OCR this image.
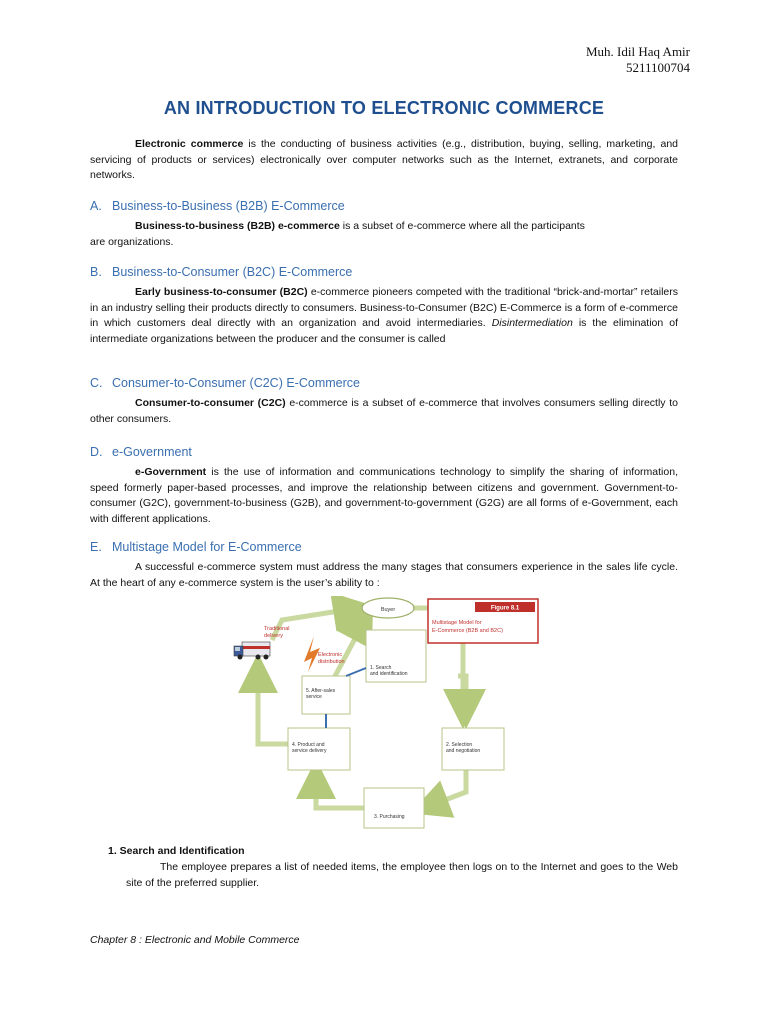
Muh. Idil Haq Amir
5211100704
AN INTRODUCTION TO ELECTRONIC COMMERCE
Electronic commerce is the conducting of business activities (e.g., distribution, buying, selling, marketing, and servicing of products or services) electronically over computer networks such as the Internet, extranets, and corporate networks.
A. Business-to-Business (B2B) E-Commerce
Business-to-business (B2B) e-commerce is a subset of e-commerce where all the participants
are organizations.
B. Business-to-Consumer (B2C) E-Commerce
Early business-to-consumer (B2C) e-commerce pioneers competed with the traditional “brick-and-mortar” retailers in an industry selling their products directly to consumers. Business-to-Consumer (B2C) E-Commerce is a form of e-commerce in which customers deal directly with an organization and avoid intermediaries. Disintermediation is the elimination of intermediate organizations between the producer and the consumer is called
C. Consumer-to-Consumer (C2C) E-Commerce
Consumer-to-consumer (C2C) e-commerce is a subset of e-commerce that involves consumers selling directly to other consumers.
D. e-Government
e-Government is the use of information and communications technology to simplify the sharing of information, speed formerly paper-based processes, and improve the relationship between citizens and government. Government-to-consumer (G2C), government-to-business (G2B), and government-to-government (G2G) are all forms of e-Government, each with different applications.
E. Multistage Model for E-Commerce
A successful e-commerce system must address the many stages that consumers experience in the sales life cycle. At the heart of any e-commerce system is the user’s ability to :
Buyer	Figure 8.1
Multistage Model for
E-Commerce (B2B and B2C)
Traditional
delivery
Electronic
distribution
1. Search
and identification
5. After-sales
service
4. Product and
service delivery
2. Selection
and negotiation
3. Purchasing
1. Search and Identification
The employee prepares a list of needed items, the employee then logs on to the Internet and goes to the Web site of the preferred supplier.
Chapter 8 : Electronic and Mobile Commerce
